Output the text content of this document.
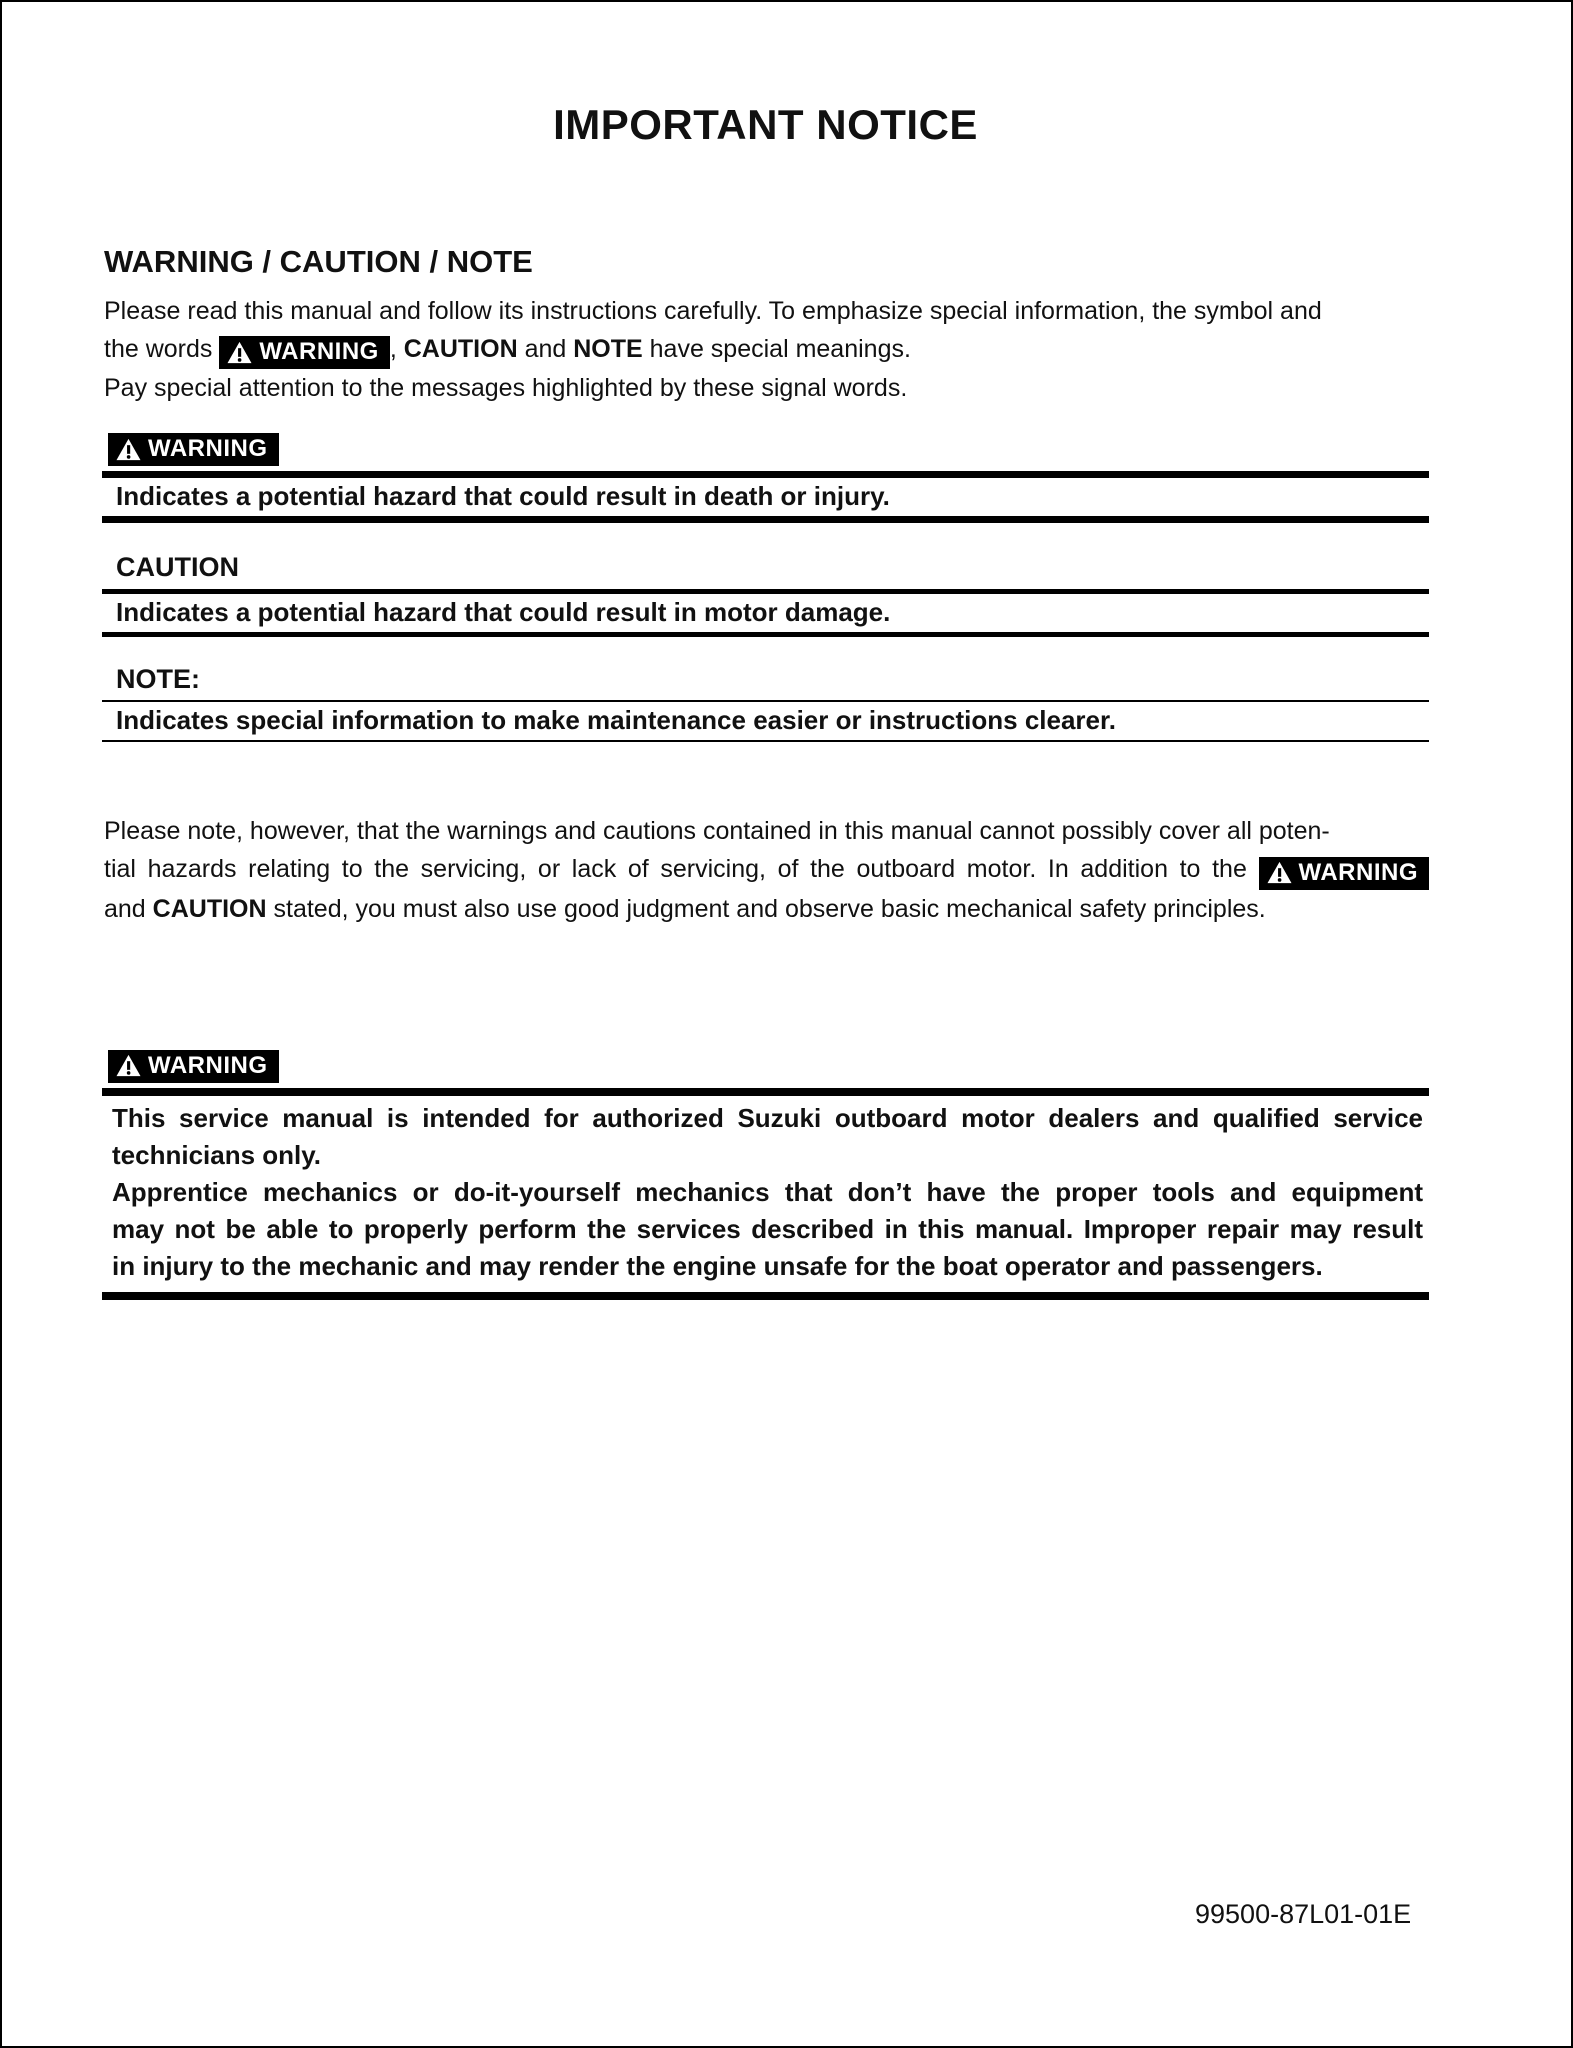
IMPORTANT NOTICE
WARNING / CAUTION / NOTE
Please read this manual and follow its instructions carefully. To emphasize special information, the symbol and
the words WARNING , CAUTION and NOTE have special meanings.
Pay special attention to the messages highlighted by these signal words.
WARNING
Indicates a potential hazard that could result in death or injury.
CAUTION
Indicates a potential hazard that could result in motor damage.
NOTE:
Indicates special information to make maintenance easier or instructions clearer.
Please note, however, that the warnings and cautions contained in this manual cannot possibly cover all poten-
tial hazards relating to the servicing, or lack of servicing, of the outboard motor. In addition to the WARNING
and CAUTION stated, you must also use good judgment and observe basic mechanical safety principles.
WARNING
This service manual is intended for authorized Suzuki outboard motor dealers and qualified service
technicians only.
Apprentice mechanics or do-it-yourself mechanics that don’t have the proper tools and equipment
may not be able to properly perform the services described in this manual. Improper repair may result
in injury to the mechanic and may render the engine unsafe for the boat operator and passengers.
99500-87L01-01E
